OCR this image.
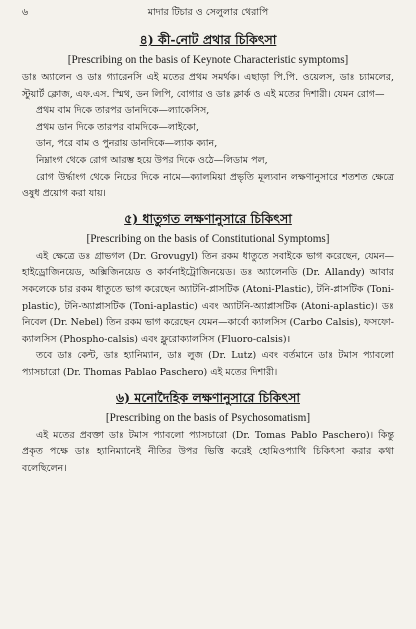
৬	মাদার টিচার ও সেলুলার থেরাপি
৪) কী-নোট প্রথার চিকিৎসা
[Prescribing on the basis of Keynote Characteristic symptoms]

ডাঃ অ্যালেন ও ডাঃ গ্যারেনসি এই মতের প্রথম সমর্থক। এছাড়া পি.পি. ওয়েলস, ডাঃ চ্যামলের, স্টুয়ার্ট ক্লোজ, এফ.এস. স্মিথ, ডন লিপি, বোগার ও ডাঃ ক্লার্ক ও এই মতের দিশারী। যেমন রোগ—

প্রথম বাম দিকে তারপর ডানদিকে—ল্যাকেসিস,

প্রথম ডান দিকে তারপর বামদিকে—লাইকো,

ডান, পরে বাম ও পুনরায় ডানদিকে—ল্যাক ক্যান,

নিম্নাংগ থেকে রোগ আরম্ভ হয়ে উপর দিকে ওঠে—লিডাম পল,

রোগ উর্দ্ধাংগ থেকে নিচের দিকে নামে—ক্যালমিয়া প্রভৃতি মূল্যবান লক্ষণানুসারে শতশত ক্ষেত্রে ওষুধ প্রয়োগ করা যায়।

৫) ধাতুগত লক্ষণানুসারে চিকিৎসা
[Prescribing on the basis of Constitutional Symptoms]

এই ক্ষেত্রে ডঃ গ্রাভগল (Dr. Grovugyl) তিন রকম ধাতুতে সবাইকে ভাগ করেছেন, যেমন—হাইড্রোজিনয়েড, অক্সিজিনয়েড ও কার্বনাইট্রোজিনয়েড। ডঃ অ্যালেনডি (Dr. Allandy) আবার সকলেকে চার রকম ধাতুতে ভাগ করেছেন অ্যাটনি-প্লাসটিক (Atoni-Plastic), টনি-প্লাসটিক (Toni-plastic), টনি-অ্যাপ্লাসটিক (Toni-aplastic) এবং অ্যাটনি-অ্যাপ্লাসটিক (Atoni-aplastic)। ডঃ নিবেল (Dr. Nebel) তিন রকম ভাগ করেছেন যেমন—কার্বো ক্যালসিস (Carbo Calsis), ফসফো-ক্যালসিস (Phospho-calsis) এবং ফ্লুরোক্যালসিস (Fluoro-calsis)।

তবে ডাঃ কেন্ট, ডাঃ হ্যানিম্যান, ডাঃ লুজ (Dr. Lutz) এবং বর্তমানে ডাঃ টমাস প্যাবলো প্যাসচারো (Dr. Thomas Pablao Paschero) এই মতের দিশারী।

৬) মনোদৈহিক লক্ষণানুসারে চিকিৎসা
[Prescribing on the basis of Psychosomatism]

এই মতের প্রবক্তা ডাঃ টমাস প্যাবলো প্যাসচারো (Dr. Tomas Pablo Paschero)। কিন্তু প্রকৃত পক্ষে ডাঃ হ্যানিম্যানেই নীতির উপর ভিত্তি করেই হোমিওপ্যাথি চিকিৎসা করার কথা বলেছিলেন।
